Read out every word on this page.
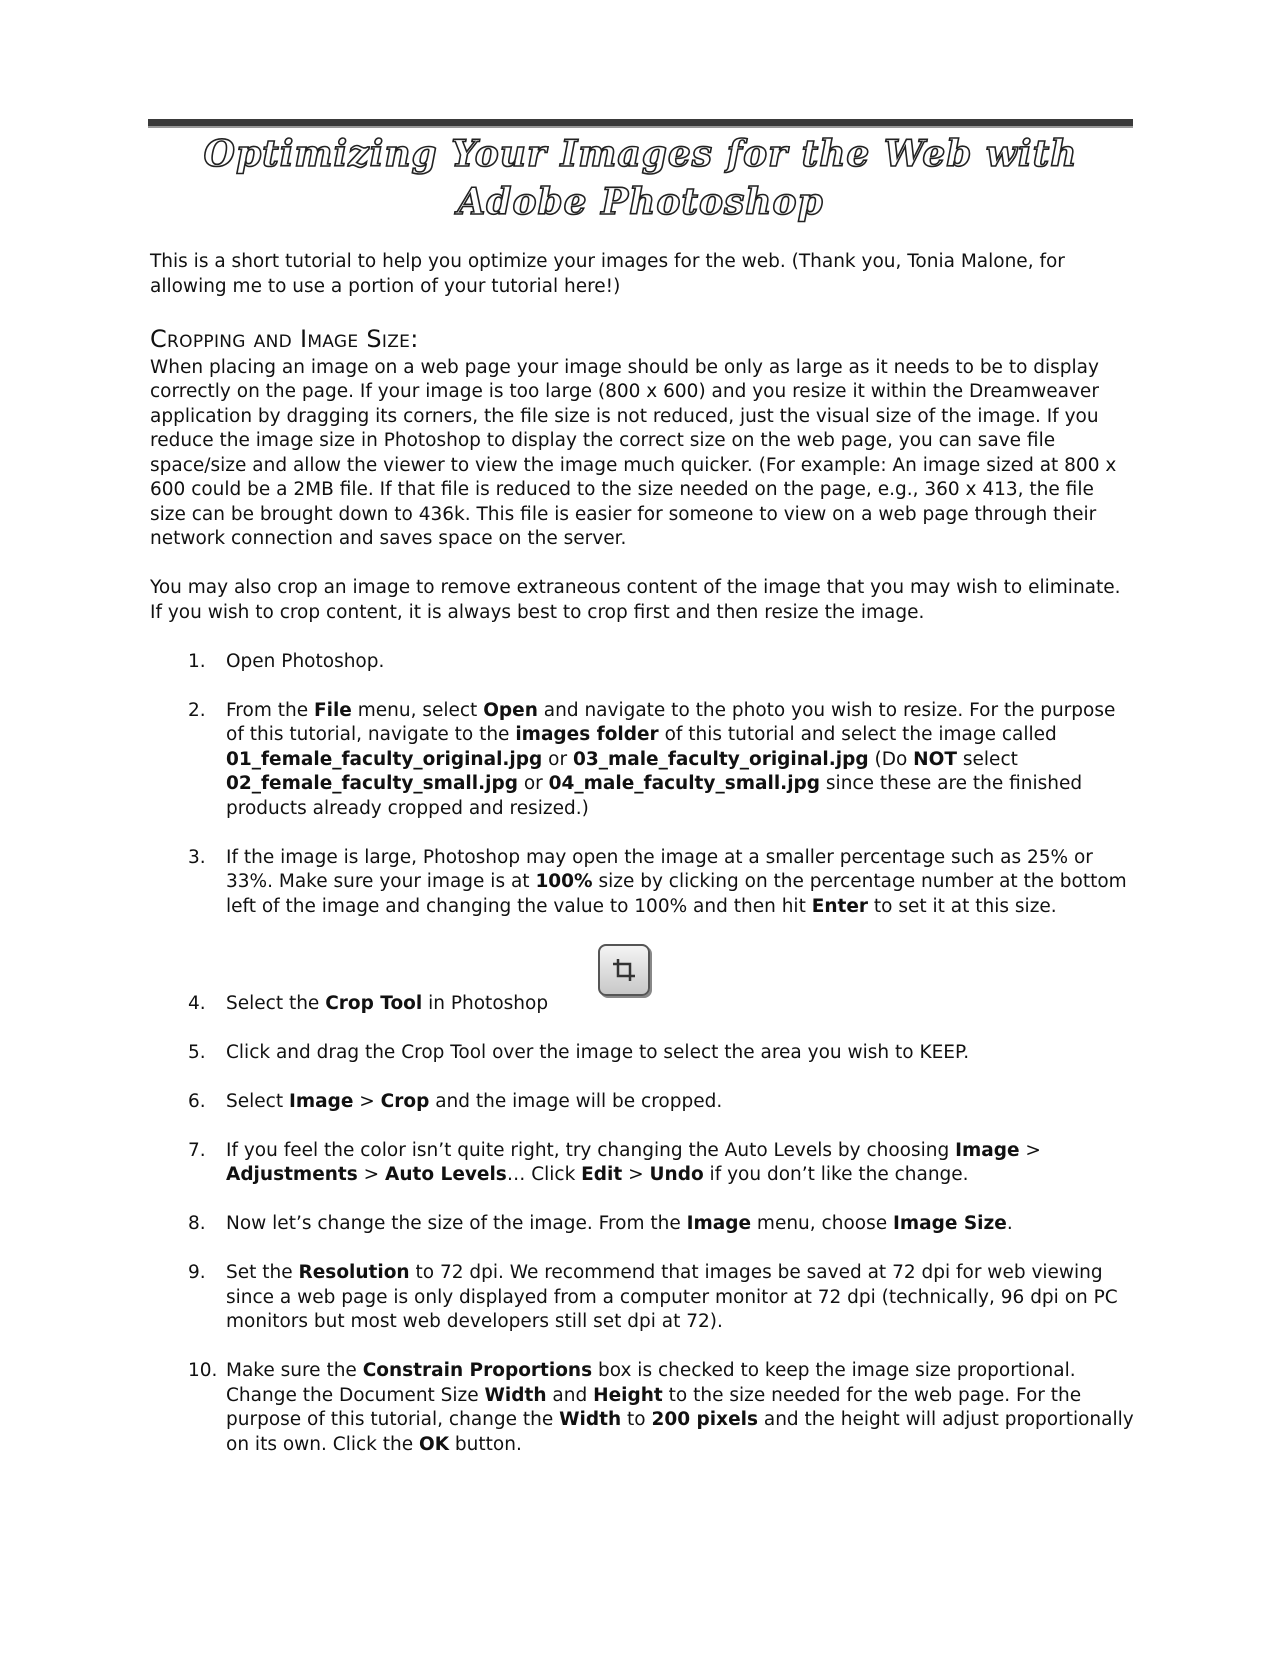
Optimizing Your Images for the Web with Adobe Photoshop

This is a short tutorial to help you optimize your images for the web. (Thank you, Tonia Malone, for allowing me to use a portion of your tutorial here!)

Cropping and Image Size:

When placing an image on a web page your image should be only as large as it needs to be to display correctly on the page. If your image is too large (800 x 600) and you resize it within the Dreamweaver application by dragging its corners, the file size is not reduced, just the visual size of the image. If you reduce the image size in Photoshop to display the correct size on the web page, you can save file space/size and allow the viewer to view the image much quicker. (For example: An image sized at 800 x 600 could be a 2MB file. If that file is reduced to the size needed on the page, e.g., 360 x 413, the file size can be brought down to 436k. This file is easier for someone to view on a web page through their network connection and saves space on the server.

You may also crop an image to remove extraneous content of the image that you may wish to eliminate. If you wish to crop content, it is always best to crop first and then resize the image.

1. Open Photoshop.
2. From the File menu, select Open and navigate to the photo you wish to resize. For the purpose of this tutorial, navigate to the images folder of this tutorial and select the image called 01_female_faculty_original.jpg or 03_male_faculty_original.jpg (Do NOT select 02_female_faculty_small.jpg or 04_male_faculty_small.jpg since these are the finished products already cropped and resized.)
3. If the image is large, Photoshop may open the image at a smaller percentage such as 25% or 33%. Make sure your image is at 100% size by clicking on the percentage number at the bottom left of the image and changing the value to 100% and then hit Enter to set it at this size.
4. Select the Crop Tool in Photoshop
5. Click and drag the Crop Tool over the image to select the area you wish to KEEP.
6. Select Image > Crop and the image will be cropped.
7. If you feel the color isn’t quite right, try changing the Auto Levels by choosing Image > Adjustments > Auto Levels… Click Edit > Undo if you don’t like the change.
8. Now let’s change the size of the image. From the Image menu, choose Image Size.
9. Set the Resolution to 72 dpi. We recommend that images be saved at 72 dpi for web viewing since a web page is only displayed from a computer monitor at 72 dpi (technically, 96 dpi on PC monitors but most web developers still set dpi at 72).
10. Make sure the Constrain Proportions box is checked to keep the image size proportional. Change the Document Size Width and Height to the size needed for the web page. For the purpose of this tutorial, change the Width to 200 pixels and the height will adjust proportionally on its own. Click the OK button.
